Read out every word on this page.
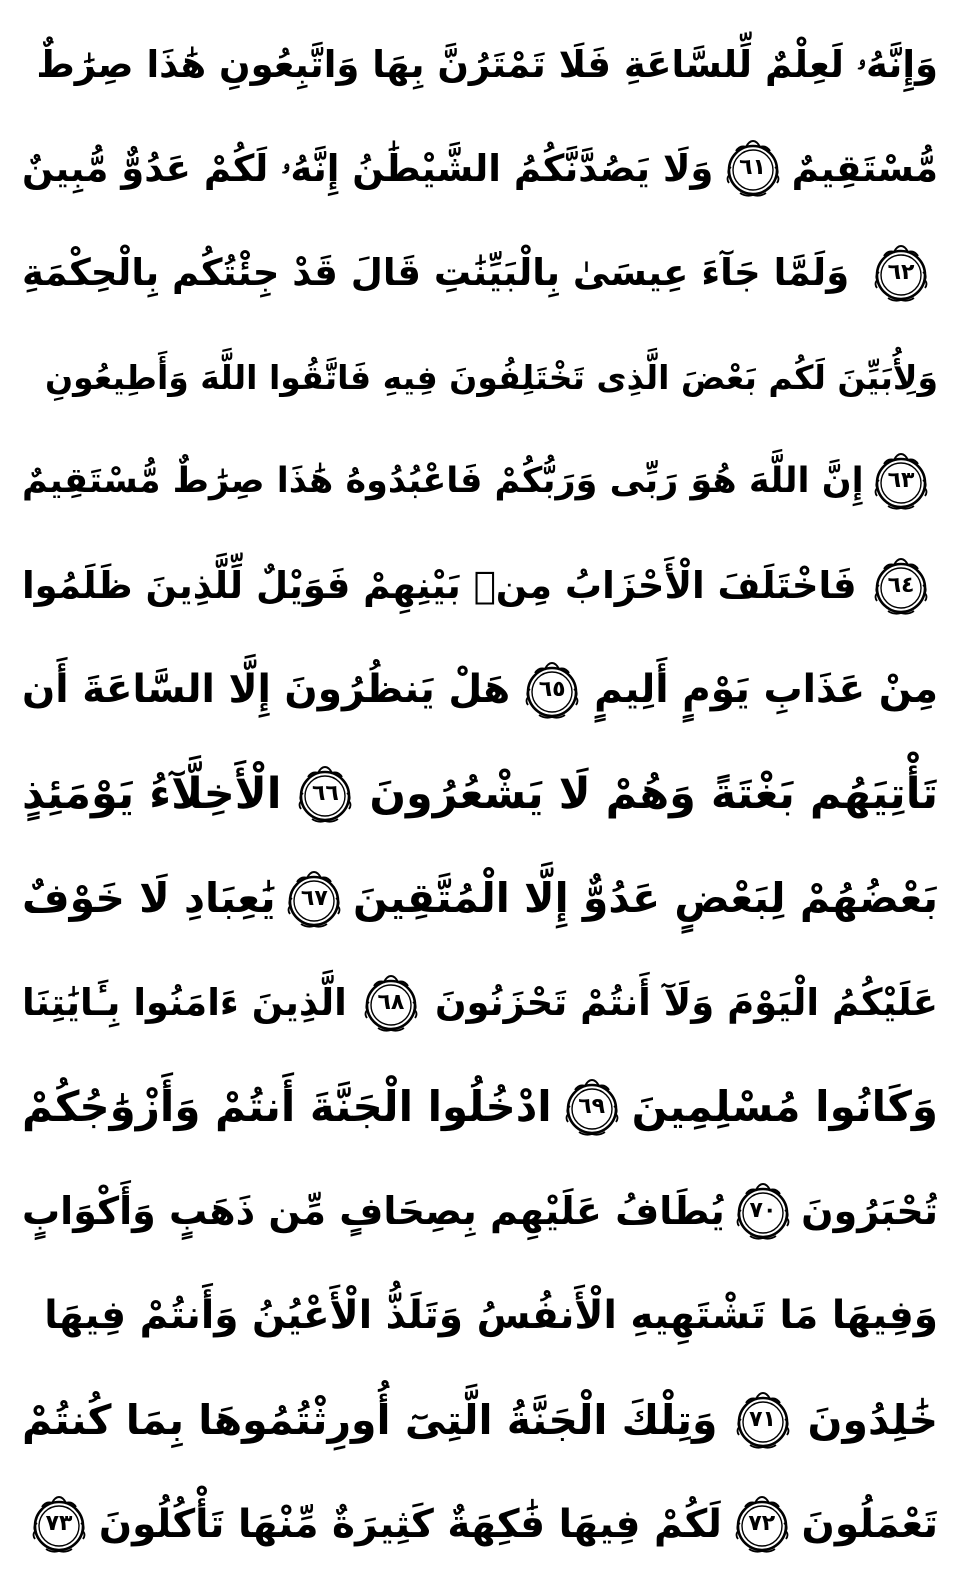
وَإِنَّهُۥ لَعِلْمٌ لِّلسَّاعَةِ فَلَا تَمْتَرُنَّ بِهَا وَاتَّبِعُونِ هَٰذَا صِرَٰطٌ
مُّسْتَقِيمٌ
٦١
وَلَا يَصُدَّنَّكُمُ الشَّيْطَٰنُ إِنَّهُۥ لَكُمْ عَدُوٌّ مُّبِينٌ
٦٢
وَلَمَّا جَآءَ عِيسَىٰ بِالْبَيِّنَٰتِ قَالَ قَدْ جِئْتُكُم بِالْحِكْمَةِ
وَلِأُبَيِّنَ لَكُم بَعْضَ الَّذِى تَخْتَلِفُونَ فِيهِ فَاتَّقُوا اللَّهَ وَأَطِيعُونِ
٦٣
إِنَّ اللَّهَ هُوَ رَبِّى وَرَبُّكُمْ فَاعْبُدُوهُ هَٰذَا صِرَٰطٌ مُّسْتَقِيمٌ
٦٤
فَاخْتَلَفَ الْأَحْزَابُ مِنۢ بَيْنِهِمْ فَوَيْلٌ لِّلَّذِينَ ظَلَمُوا
مِنْ عَذَابِ يَوْمٍ أَلِيمٍ
٦٥
هَلْ يَنظُرُونَ إِلَّا السَّاعَةَ أَن
تَأْتِيَهُم بَغْتَةً وَهُمْ لَا يَشْعُرُونَ
٦٦
الْأَخِلَّآءُ يَوْمَئِذٍ
بَعْضُهُمْ لِبَعْضٍ عَدُوٌّ إِلَّا الْمُتَّقِينَ
٦٧
يَٰعِبَادِ لَا خَوْفٌ
عَلَيْكُمُ الْيَوْمَ وَلَآ أَنتُمْ تَحْزَنُونَ
٦٨
الَّذِينَ ءَامَنُوا بِـَٔايَٰتِنَا
وَكَانُوا مُسْلِمِينَ
٦٩
ادْخُلُوا الْجَنَّةَ أَنتُمْ وَأَزْوَٰجُكُمْ
تُحْبَرُونَ
٧٠
يُطَافُ عَلَيْهِم بِصِحَافٍ مِّن ذَهَبٍ وَأَكْوَابٍ
وَفِيهَا مَا تَشْتَهِيهِ الْأَنفُسُ وَتَلَذُّ الْأَعْيُنُ وَأَنتُمْ فِيهَا
خَٰلِدُونَ
٧١
وَتِلْكَ الْجَنَّةُ الَّتِىٓ أُورِثْتُمُوهَا بِمَا كُنتُمْ
تَعْمَلُونَ
٧٢
لَكُمْ فِيهَا فَٰكِهَةٌ كَثِيرَةٌ مِّنْهَا تَأْكُلُونَ
٧٣
